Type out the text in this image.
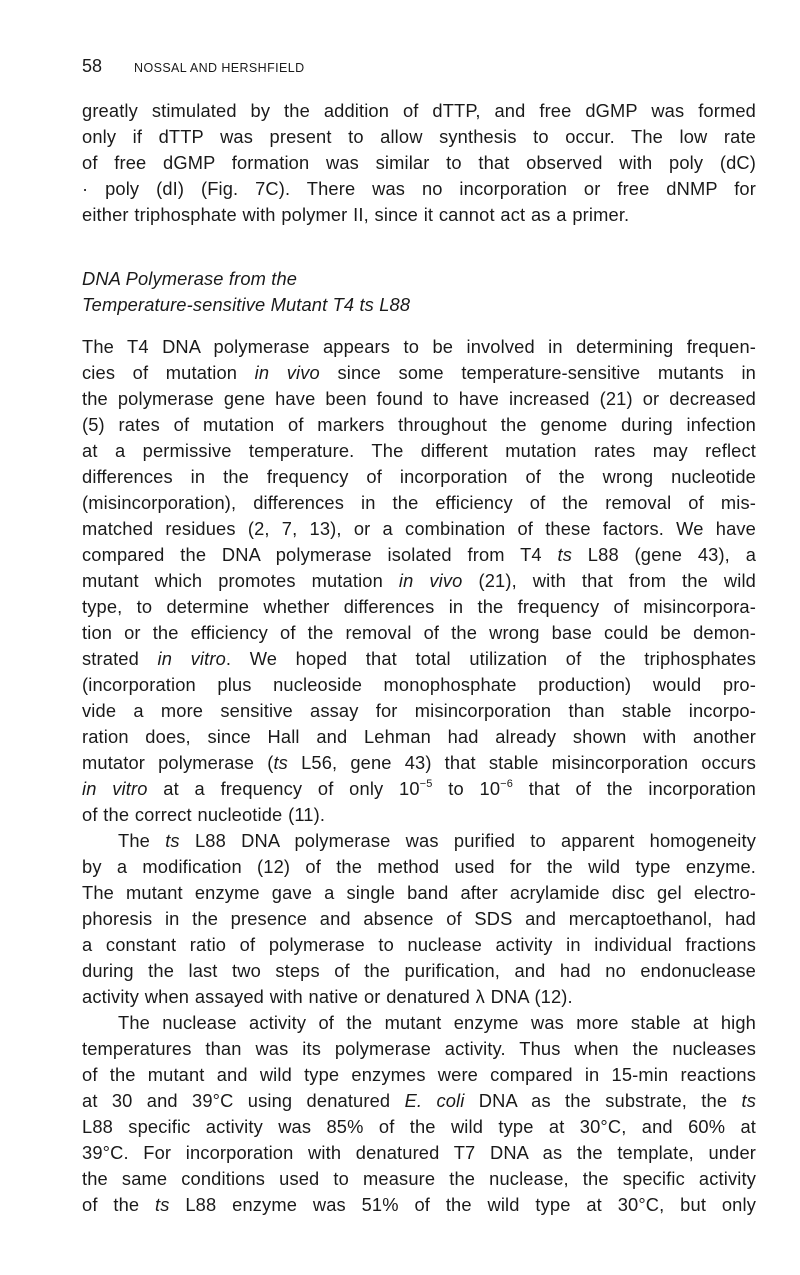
58	NOSSAL AND HERSHFIELD

greatly stimulated by the addition of dTTP, and free dGMP was formed
only if dTTP was present to allow synthesis to occur. The low rate
of free dGMP formation was similar to that observed with poly (dC)
· poly (dI) (Fig. 7C). There was no incorporation or free dNMP for
either triphosphate with polymer II, since it cannot act as a primer.

DNA Polymerase from the
Temperature-sensitive Mutant T4 ts L88

The T4 DNA polymerase appears to be involved in determining frequen-
cies of mutation in vivo since some temperature-sensitive mutants in
the polymerase gene have been found to have increased (21) or decreased
(5) rates of mutation of markers throughout the genome during infection
at a permissive temperature. The different mutation rates may reflect
differences in the frequency of incorporation of the wrong nucleotide
(misincorporation), differences in the efficiency of the removal of mis-
matched residues (2, 7, 13), or a combination of these factors. We have
compared the DNA polymerase isolated from T4 ts L88 (gene 43), a
mutant which promotes mutation in vivo (21), with that from the wild
type, to determine whether differences in the frequency of misincorpora-
tion or the efficiency of the removal of the wrong base could be demon-
strated in vitro. We hoped that total utilization of the triphosphates
(incorporation plus nucleoside monophosphate production) would pro-
vide a more sensitive assay for misincorporation than stable incorpo-
ration does, since Hall and Lehman had already shown with another
mutator polymerase (ts L56, gene 43) that stable misincorporation occurs
in vitro at a frequency of only $10^{-5}$ to $10^{-6}$ that of the incorporation
of the correct nucleotide (11).

The ts L88 DNA polymerase was purified to apparent homogeneity
by a modification (12) of the method used for the wild type enzyme.
The mutant enzyme gave a single band after acrylamide disc gel electro-
phoresis in the presence and absence of SDS and mercaptoethanol, had
a constant ratio of polymerase to nuclease activity in individual fractions
during the last two steps of the purification, and had no endonuclease
activity when assayed with native or denatured λ DNA (12).

The nuclease activity of the mutant enzyme was more stable at high
temperatures than was its polymerase activity. Thus when the nucleases
of the mutant and wild type enzymes were compared in 15-min reactions
at 30 and 39°C using denatured E. coli DNA as the substrate, the ts
L88 specific activity was 85% of the wild type at 30°C, and 60% at
39°C. For incorporation with denatured T7 DNA as the template, under
the same conditions used to measure the nuclease, the specific activity
of the ts L88 enzyme was 51% of the wild type at 30°C, but only
